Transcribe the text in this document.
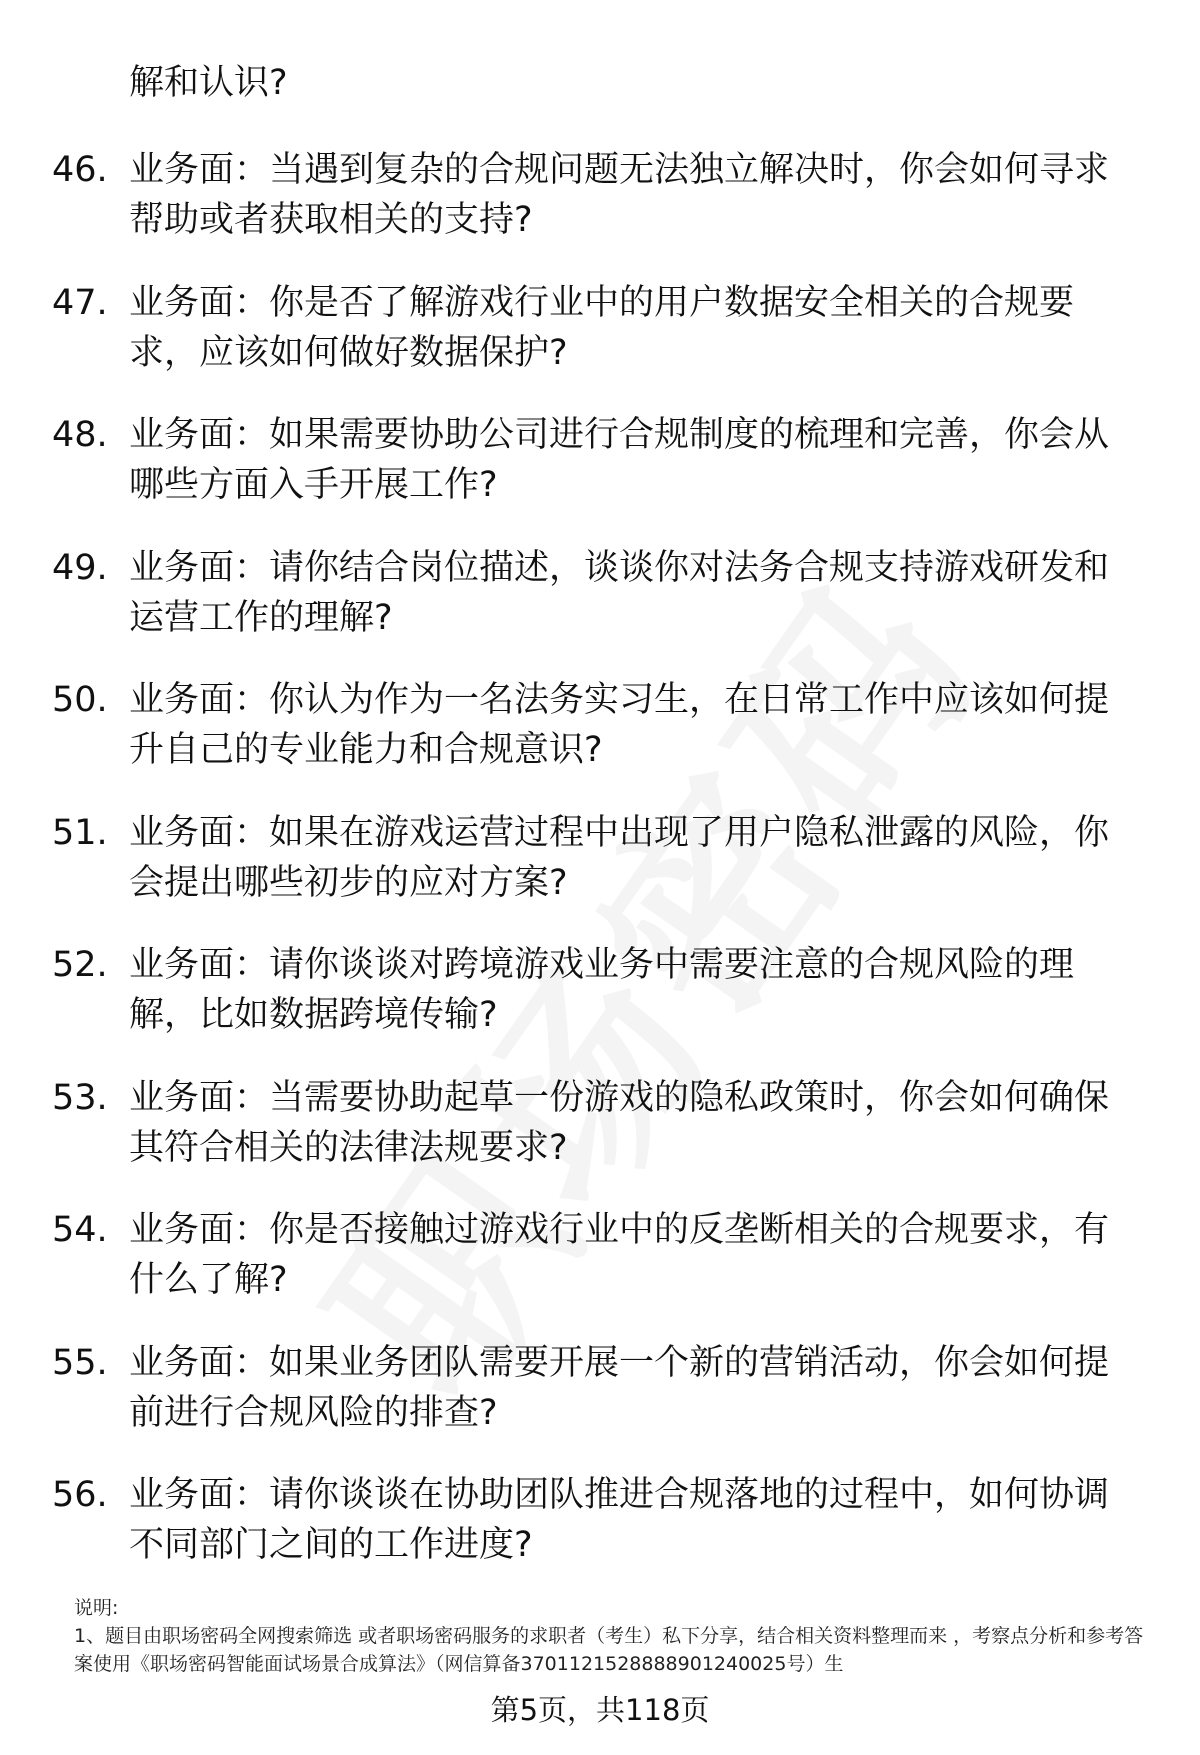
解和认识?
46. 业务面：当遇到复杂的合规问题无法独立解决时，你会如何寻求帮助或者获取相关的支持?
47. 业务面：你是否了解游戏行业中的用户数据安全相关的合规要求，应该如何做好数据保护?
48. 业务面：如果需要协助公司进行合规制度的梳理和完善，你会从哪些方面入手开展工作?
49. 业务面：请你结合岗位描述，谈谈你对法务合规支持游戏研发和运营工作的理解?
50. 业务面：你认为作为一名法务实习生，在日常工作中应该如何提升自己的专业能力和合规意识?
51. 业务面：如果在游戏运营过程中出现了用户隐私泄露的风险，你会提出哪些初步的应对方案?
52. 业务面：请你谈谈对跨境游戏业务中需要注意的合规风险的理解，比如数据跨境传输?
53. 业务面：当需要协助起草一份游戏的隐私政策时，你会如何确保其符合相关的法律法规要求?
54. 业务面：你是否接触过游戏行业中的反垄断相关的合规要求，有什么了解?
55. 业务面：如果业务团队需要开展一个新的营销活动，你会如何提前进行合规风险的排查?
56. 业务面：请你谈谈在协助团队推进合规落地的过程中，如何协调不同部门之间的工作进度?
说明:
1、题目由职场密码全网搜索筛选 或者职场密码服务的求职者（考生）私下分享，结合相关资料整理而来 ，考察点分析和参考答案使用《职场密码智能面试场景合成算法》（网信算备3701121528888901240025号）生
第5页，共118页
